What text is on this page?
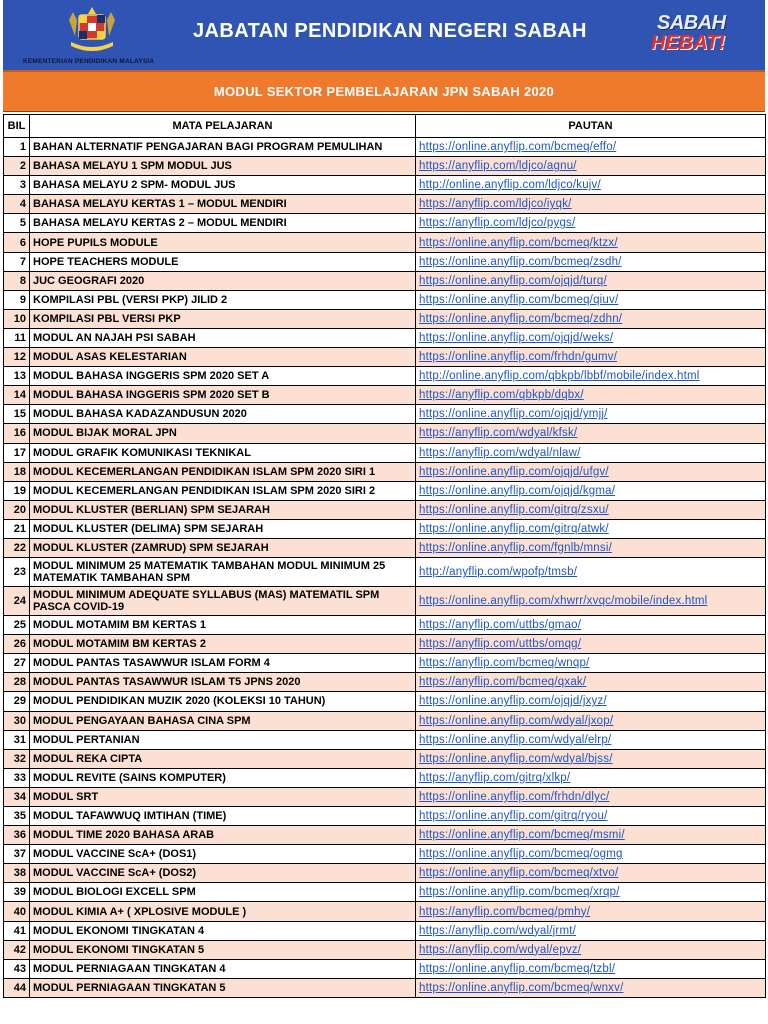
KEMENTERIAN PENDIDIKAN MALAYSIA
JABATAN PENDIDIKAN NEGERI SABAH	SABAH
HEBAT!
MODUL SEKTOR PEMBELAJARAN JPN SABAH 2020
BIL	MATA PELAJARAN	PAUTAN
1	BAHAN ALTERNATIF PENGAJARAN BAGI PROGRAM PEMULIHAN	https://online.anyflip.com/bcmeq/effo/
2	BAHASA MELAYU 1 SPM MODUL JUS	https://anyflip.com/ldjco/agnu/
3	BAHASA MELAYU 2 SPM- MODUL JUS	http://online.anyflip.com/ldjco/kujv/
4	BAHASA MELAYU KERTAS 1 – MODUL MENDIRI	https://anyflip.com/ldjco/iyqk/
5	BAHASA MELAYU KERTAS 2 – MODUL MENDIRI	https://anyflip.com/ldjco/pygs/
6	HOPE PUPILS MODULE	https://online.anyflip.com/bcmeq/ktzx/
7	HOPE TEACHERS MODULE	https://online.anyflip.com/bcmeq/zsdh/
8	JUC GEOGRAFI 2020	https://online.anyflip.com/ojqjd/turq/
9	KOMPILASI PBL (VERSI PKP) JILID 2	https://online.anyflip.com/bcmeq/qiuv/
10	KOMPILASI PBL VERSI PKP	https://online.anyflip.com/bcmeq/zdhn/
11	MODUL AN NAJAH PSI SABAH	https://online.anyflip.com/ojqjd/weks/
12	MODUL ASAS KELESTARIAN	https://online.anyflip.com/frhdn/gumv/
13	MODUL BAHASA INGGERIS SPM 2020 SET A	http://online.anyflip.com/qbkpb/lbbf/mobile/index.html
14	MODUL BAHASA INGGERIS SPM 2020 SET B	https://anyflip.com/qbkpb/dqbx/
15	MODUL BAHASA KADAZANDUSUN 2020	https://online.anyflip.com/ojqjd/ymjj/
16	MODUL BIJAK MORAL JPN	https://anyflip.com/wdyal/kfsk/
17	MODUL GRAFIK KOMUNIKASI TEKNIKAL	https://anyflip.com/wdyal/nlaw/
18	MODUL KECEMERLANGAN PENDIDIKAN ISLAM SPM 2020 SIRI 1	https://online.anyflip.com/ojqjd/ufgv/
19	MODUL KECEMERLANGAN PENDIDIKAN ISLAM SPM 2020 SIRI 2	https://online.anyflip.com/ojqjd/kgma/
20	MODUL KLUSTER (BERLIAN) SPM SEJARAH	https://online.anyflip.com/gitrq/zsxu/
21	MODUL KLUSTER (DELIMA) SPM SEJARAH	https://online.anyflip.com/gitrq/atwk/
22	MODUL KLUSTER (ZAMRUD) SPM SEJARAH	https://online.anyflip.com/fgnlb/mnsi/
23	MODUL MINIMUM 25 MATEMATIK TAMBAHAN MODUL MINIMUM 25 MATEMATIK TAMBAHAN SPM	http://anyflip.com/wpofp/tmsb/
24	MODUL MINIMUM ADEQUATE SYLLABUS (MAS) MATEMATIL SPM PASCA COVID-19	https://online.anyflip.com/xhwrr/xvqc/mobile/index.html
25	MODUL MOTAMIM BM KERTAS 1	https://anyflip.com/uttbs/gmao/
26	MODUL MOTAMIM BM KERTAS 2	https://anyflip.com/uttbs/omqg/
27	MODUL PANTAS TASAWWUR ISLAM FORM 4	https://anyflip.com/bcmeq/wnqp/
28	MODUL PANTAS TASAWWUR ISLAM T5 JPNS 2020	https://anyflip.com/bcmeq/qxak/
29	MODUL PENDIDIKAN MUZIK 2020 (KOLEKSI 10 TAHUN)	https://online.anyflip.com/ojqjd/jxyz/
30	MODUL PENGAYAAN BAHASA CINA SPM	https://online.anyflip.com/wdyal/jxop/
31	MODUL PERTANIAN	https://online.anyflip.com/wdyal/elrp/
32	MODUL REKA CIPTA	https://online.anyflip.com/wdyal/bjss/
33	MODUL REVITE (SAINS KOMPUTER)	https://anyflip.com/gitrq/xlkp/
34	MODUL SRT	https://online.anyflip.com/frhdn/dlyc/
35	MODUL TAFAWWUQ IMTIHAN (TIME)	https://online.anyflip.com/gitrq/ryou/
36	MODUL TIME 2020 BAHASA ARAB	https://online.anyflip.com/bcmeq/msmi/
37	MODUL VACCINE ScA+ (DOS1)	https://online.anyflip.com/bcmeq/ogmg
38	MODUL VACCINE ScA+ (DOS2)	https://online.anyflip.com/bcmeq/xtvo/
39	MODUL BIOLOGI EXCELL SPM	https://online.anyflip.com/bcmeq/xrqp/
40	MODUL KIMIA A+ ( XPLOSIVE MODULE )	https://anyflip.com/bcmeq/pmhy/
41	MODUL EKONOMI TINGKATAN 4	https://anyflip.com/wdyal/jrmt/
42	MODUL EKONOMI TINGKATAN 5	https://anyflip.com/wdyal/epvz/
43	MODUL PERNIAGAAN TINGKATAN 4	https://online.anyflip.com/bcmeq/tzbl/
44	MODUL PERNIAGAAN TINGKATAN 5	https://online.anyflip.com/bcmeq/wnxv/
